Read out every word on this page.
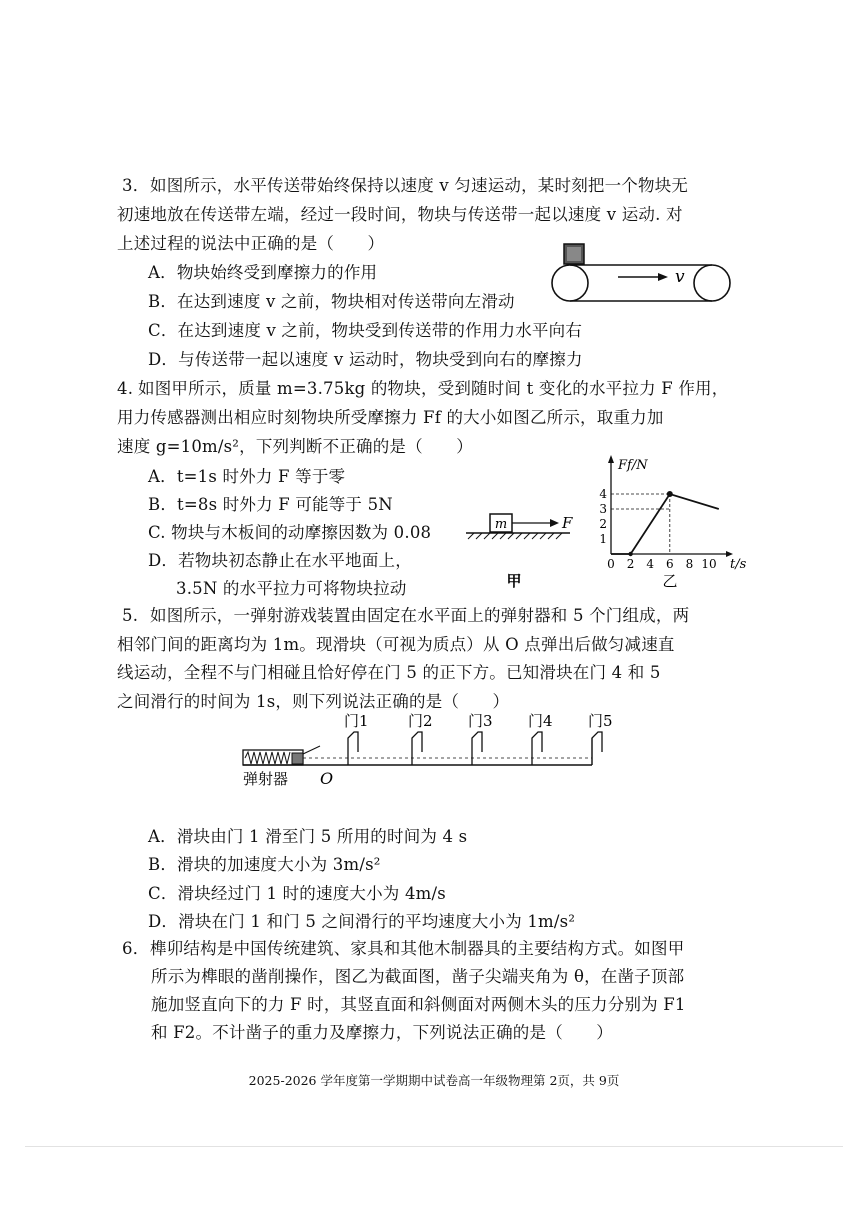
3． 如图所示，水平传送带始终保持以速度 v 匀速运动，某时刻把一个物块无
初速地放在传送带左端，经过一段时间，物块与传送带一起以速度 v 运动. 对
上述过程的说法中正确的是（　　）
A．物块始终受到摩擦力的作用
B．在达到速度 v 之前，物块相对传送带向左滑动
C．在达到速度 v 之前，物块受到传送带的作用力水平向右
D．与传送带一起以速度 v 运动时，物块受到向右的摩擦力
v
4. 如图甲所示，质量 m=3.75kg 的物块，受到随时间 t 变化的水平拉力 F 作用，
用力传感器测出相应时刻物块所受摩擦力 Ff 的大小如图乙所示，取重力加
速度 g=10m/s²，下列判断不正确的是（　　）
A．t=1s 时外力 F 等于零
B．t=8s 时外力 F 可能等于 5N
C. 物块与木板间的动摩擦因数为 0.08
D．若物块初态静止在水平地面上，
3.5N 的水平拉力可将物块拉动
m	F
甲
Ff/N
t/s
0 2 4 6 8 10
1
2
3
4
乙
5. 如图所示，一弹射游戏装置由固定在水平面上的弹射器和 5 个门组成，两
相邻门间的距离均为 1m。现滑块（可视为质点）从 O 点弹出后做匀减速直
线运动，全程不与门相碰且恰好停在门 5 的正下方。已知滑块在门 4 和 5
之间滑行的时间为 1s，则下列说法正确的是（　　）
门1	门2 门3 门4 门5
弹射器 O
A．滑块由门 1 滑至门 5 所用的时间为 4 s
B．滑块的加速度大小为 3m/s²
C．滑块经过门 1 时的速度大小为 4m/s
D．滑块在门 1 和门 5 之间滑行的平均速度大小为 1m/s²
6． 榫卯结构是中国传统建筑、家具和其他木制器具的主要结构方式。如图甲
所示为榫眼的凿削操作，图乙为截面图，凿子尖端夹角为 θ，在凿子顶部
施加竖直向下的力 F 时，其竖直面和斜侧面对两侧木头的压力分别为 F1
和 F2。不计凿子的重力及摩擦力，下列说法正确的是（　　）
2025-2026 学年度第一学期期中试卷高一年级物理第 2页，共 9页
